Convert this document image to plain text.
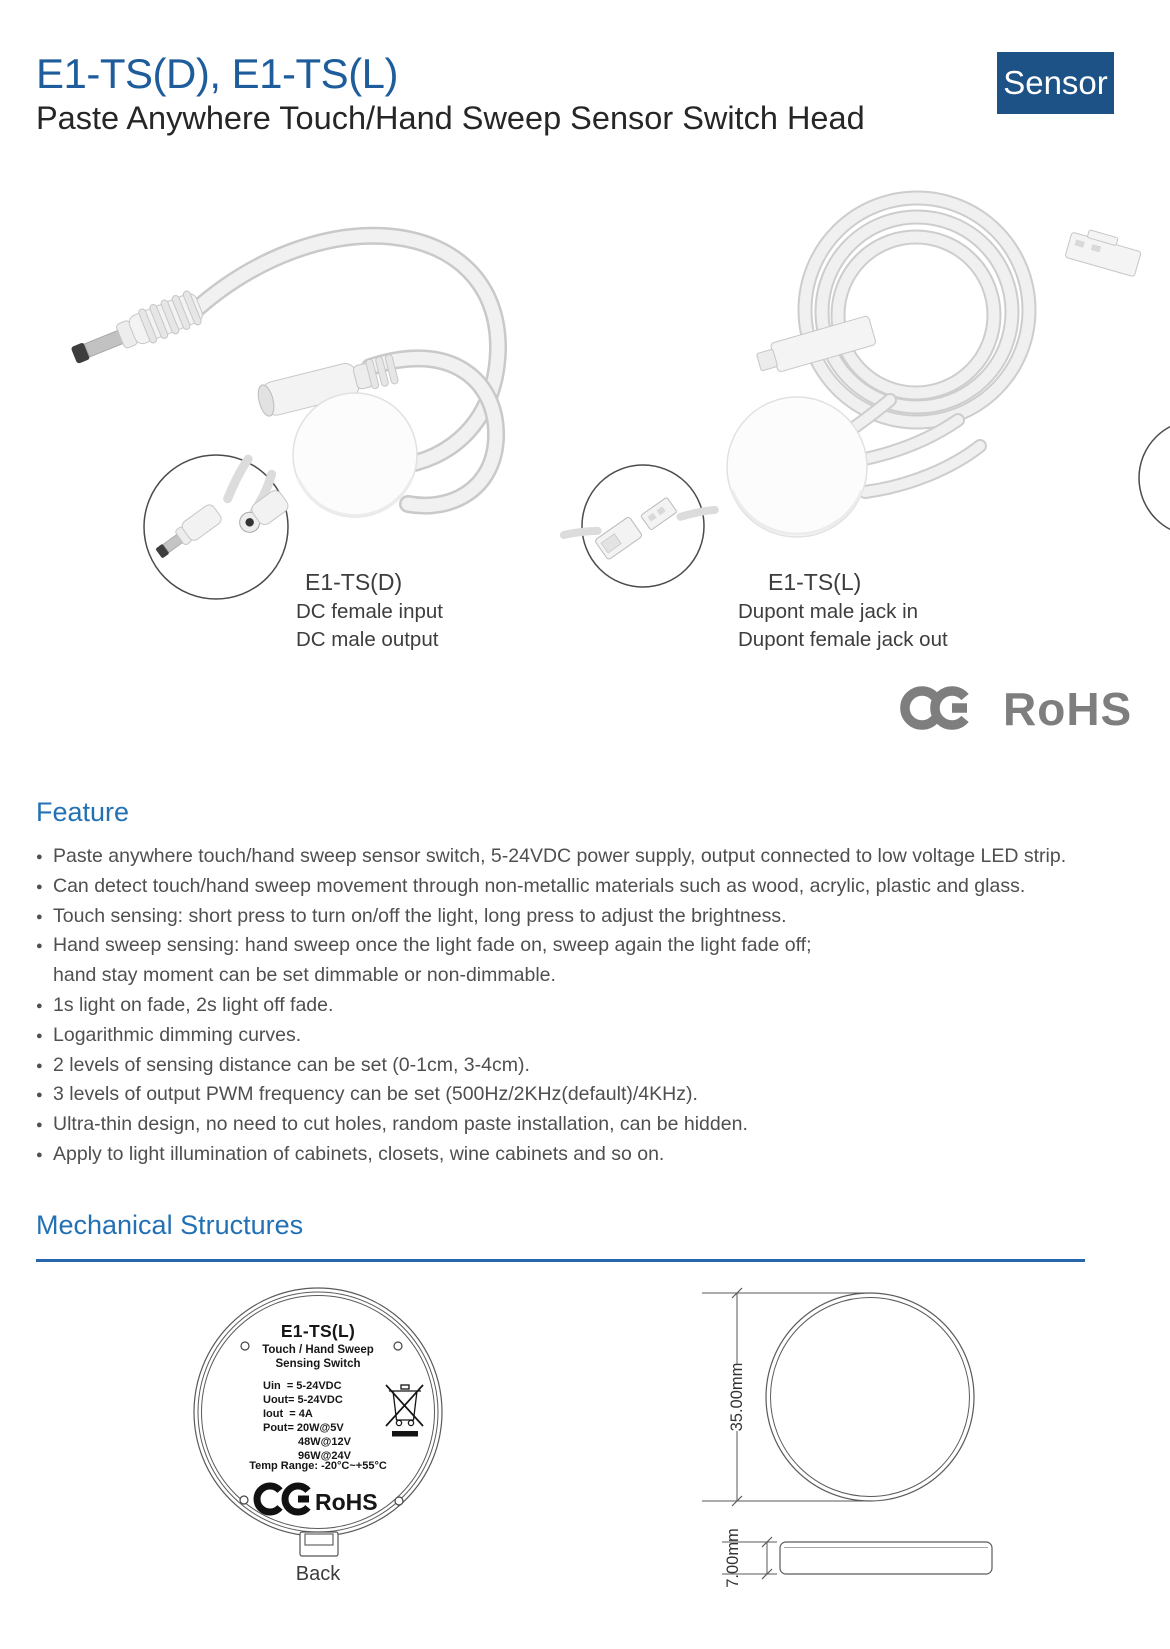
E1-TS(D), E1-TS(L)
Paste Anywhere Touch/Hand Sweep Sensor Switch Head
Sensor
E1-TS(D)
DC female input
DC male output
E1-TS(L)
Dupont male jack in
Dupont female jack out
RoHS
Feature
● Paste anywhere touch/hand sweep sensor switch, 5-24VDC power supply, output connected to low voltage LED strip.
● Can detect touch/hand sweep movement through non-metallic materials such as wood, acrylic, plastic and glass.
● Touch sensing: short press to turn on/off the light, long press to adjust the brightness.
● Hand sweep sensing: hand sweep once the light fade on, sweep again the light fade off;
hand stay moment can be set dimmable or non-dimmable.
● 1s light on fade, 2s light off fade.
● Logarithmic dimming curves.
● 2 levels of sensing distance can be set (0-1cm, 3-4cm).
● 3 levels of output PWM frequency can be set (500Hz/2KHz(default)/4KHz).
● Ultra-thin design, no need to cut holes, random paste installation, can be hidden.
● Apply to light illumination of cabinets, closets, wine cabinets and so on.
Mechanical Structures
E1-TS(L)
Touch / Hand Sweep
Sensing Switch
Uin  = 5-24VDC
Uout= 5-24VDC
Iout  = 4A
Pout= 20W@5V
48W@12V
96W@24V
Temp Range: -20°C~+55°C
RoHS
Back
35.00mm
7.00mm
